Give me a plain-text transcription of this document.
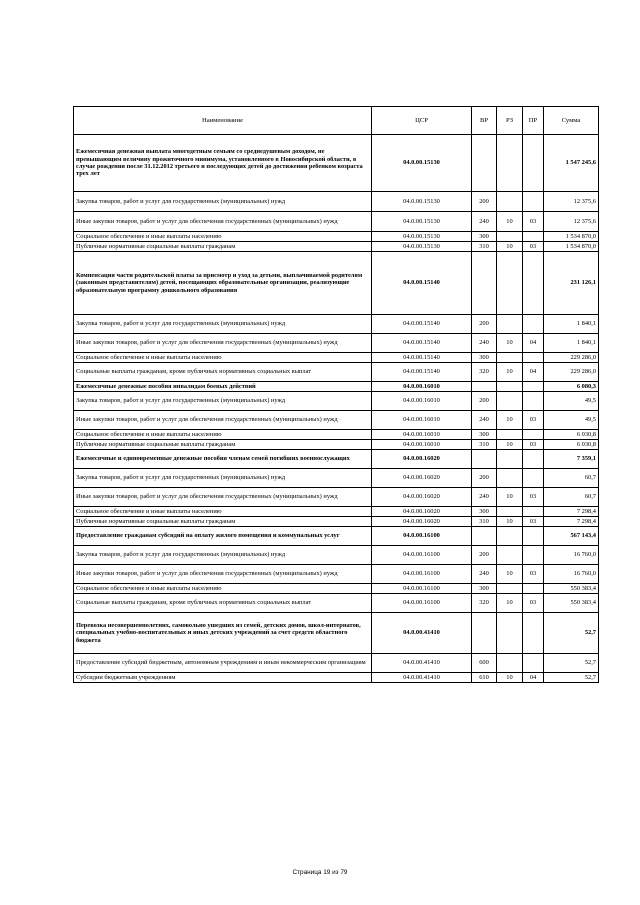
Наименование	ЦСР	ВР	РЗ	ПР	Сумма
Ежемесячная денежная выплата многодетным семьям со среднедушевым доходом, не превышающим величину прожиточного минимума, установленного в Новосибирской области, в случае рождения после 31.12.2012 третьего и последующих детей до достижения ребенком возраста трех лет	04.0.00.15130				1 547 245,6
Закупка товаров, работ и услуг для государственных (муниципальных) нужд	04.0.00.15130	200			12 375,6
Иные закупки товаров, работ и услуг для обеспечения государственных (муниципальных) нужд	04.0.00.15130	240	10	03	12 375,6
Социальное обеспечение и иные выплаты населению	04.0.00.15130	300			1 534 870,0
Публичные нормативные социальные выплаты гражданам	04.0.00.15130	310	10	03	1 534 870,0
Компенсация части родительской платы за присмотр и уход за детьми, выплачиваемой родителям (законным представителям) детей, посещающих образовательные организации, реализующие образовательную программу дошкольного образования	04.0.00.15140				231 126,1
Закупка товаров, работ и услуг для государственных (муниципальных) нужд	04.0.00.15140	200			1 840,1
Иные закупки товаров, работ и услуг для обеспечения государственных (муниципальных) нужд	04.0.00.15140	240	10	04	1 840,1
Социальное обеспечение и иные выплаты населению	04.0.00.15140	300			229 286,0
Социальные выплаты гражданам, кроме публичных нормативных социальных выплат	04.0.00.15140	320	10	04	229 286,0
Ежемесячные денежные пособия инвалидам боевых действий	04.0.00.16010				6 080,3
Закупка товаров, работ и услуг для государственных (муниципальных) нужд	04.0.00.16010	200			49,5
Иные закупки товаров, работ и услуг для обеспечения государственных (муниципальных) нужд	04.0.00.16010	240	10	03	49,5
Социальное обеспечение и иные выплаты населению	04.0.00.16010	300			6 030,8
Публичные нормативные социальные выплаты гражданам	04.0.00.16010	310	10	03	6 030,8
Ежемесячные и единовременные денежные пособия членам семей погибших военнослужащих	04.0.00.16020				7 359,1
Закупка товаров, работ и услуг для государственных (муниципальных) нужд	04.0.00.16020	200			60,7
Иные закупки товаров, работ и услуг для обеспечения государственных (муниципальных) нужд	04.0.00.16020	240	10	03	60,7
Социальное обеспечение и иные выплаты населению	04.0.00.16020	300			7 298,4
Публичные нормативные социальные выплаты гражданам	04.0.00.16020	310	10	03	7 298,4
Предоставление гражданам субсидий на оплату жилого помещения и коммунальных услуг	04.0.00.16100				567 143,4
Закупка товаров, работ и услуг для государственных (муниципальных) нужд	04.0.00.16100	200			16 760,0
Иные закупки товаров, работ и услуг для обеспечения государственных (муниципальных) нужд	04.0.00.16100	240	10	03	16 760,0
Социальное обеспечение и иные выплаты населению	04.0.00.16100	300			550 383,4
Социальные выплаты гражданам, кроме публичных нормативных социальных выплат	04.0.00.16100	320	10	03	550 383,4
Перевозка несовершеннолетних, самовольно ушедших из семей, детских домов, школ-интернатов, специальных учебно-воспитательных и иных детских учреждений за счет средств областного бюджета	04.0.00.41410				52,7
Предоставление субсидий бюджетным, автономным учреждениям и иным некоммерческим организациям	04.0.00.41410	600			52,7
Субсидии бюджетным учреждениям	04.0.00.41410	610	10	04	52,7
Страница 19 из 79
